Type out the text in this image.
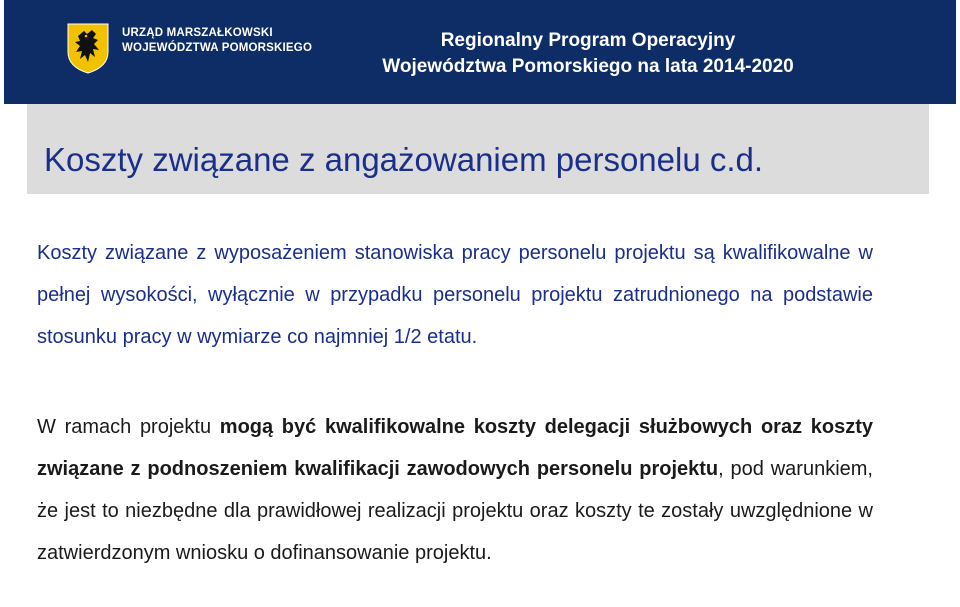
URZĄD MARSZAŁKOWSKI
WOJEWÓDZTWA POMORSKIEGO	Regionalny Program Operacyjny
Województwa Pomorskiego na lata 2014-2020
Koszty związane z angażowaniem personelu c.d.
Koszty związane z wyposażeniem stanowiska pracy personelu projektu są kwalifikowalne w pełnej wysokości, wyłącznie w przypadku personelu projektu zatrudnionego na podstawie stosunku pracy w wymiarze co najmniej 1/2 etatu.
W ramach projektu mogą być kwalifikowalne koszty delegacji służbowych oraz koszty związane z podnoszeniem kwalifikacji zawodowych personelu projektu, pod warunkiem, że jest to niezbędne dla prawidłowej realizacji projektu oraz koszty te zostały uwzględnione w zatwierdzonym wniosku o dofinansowanie projektu.
